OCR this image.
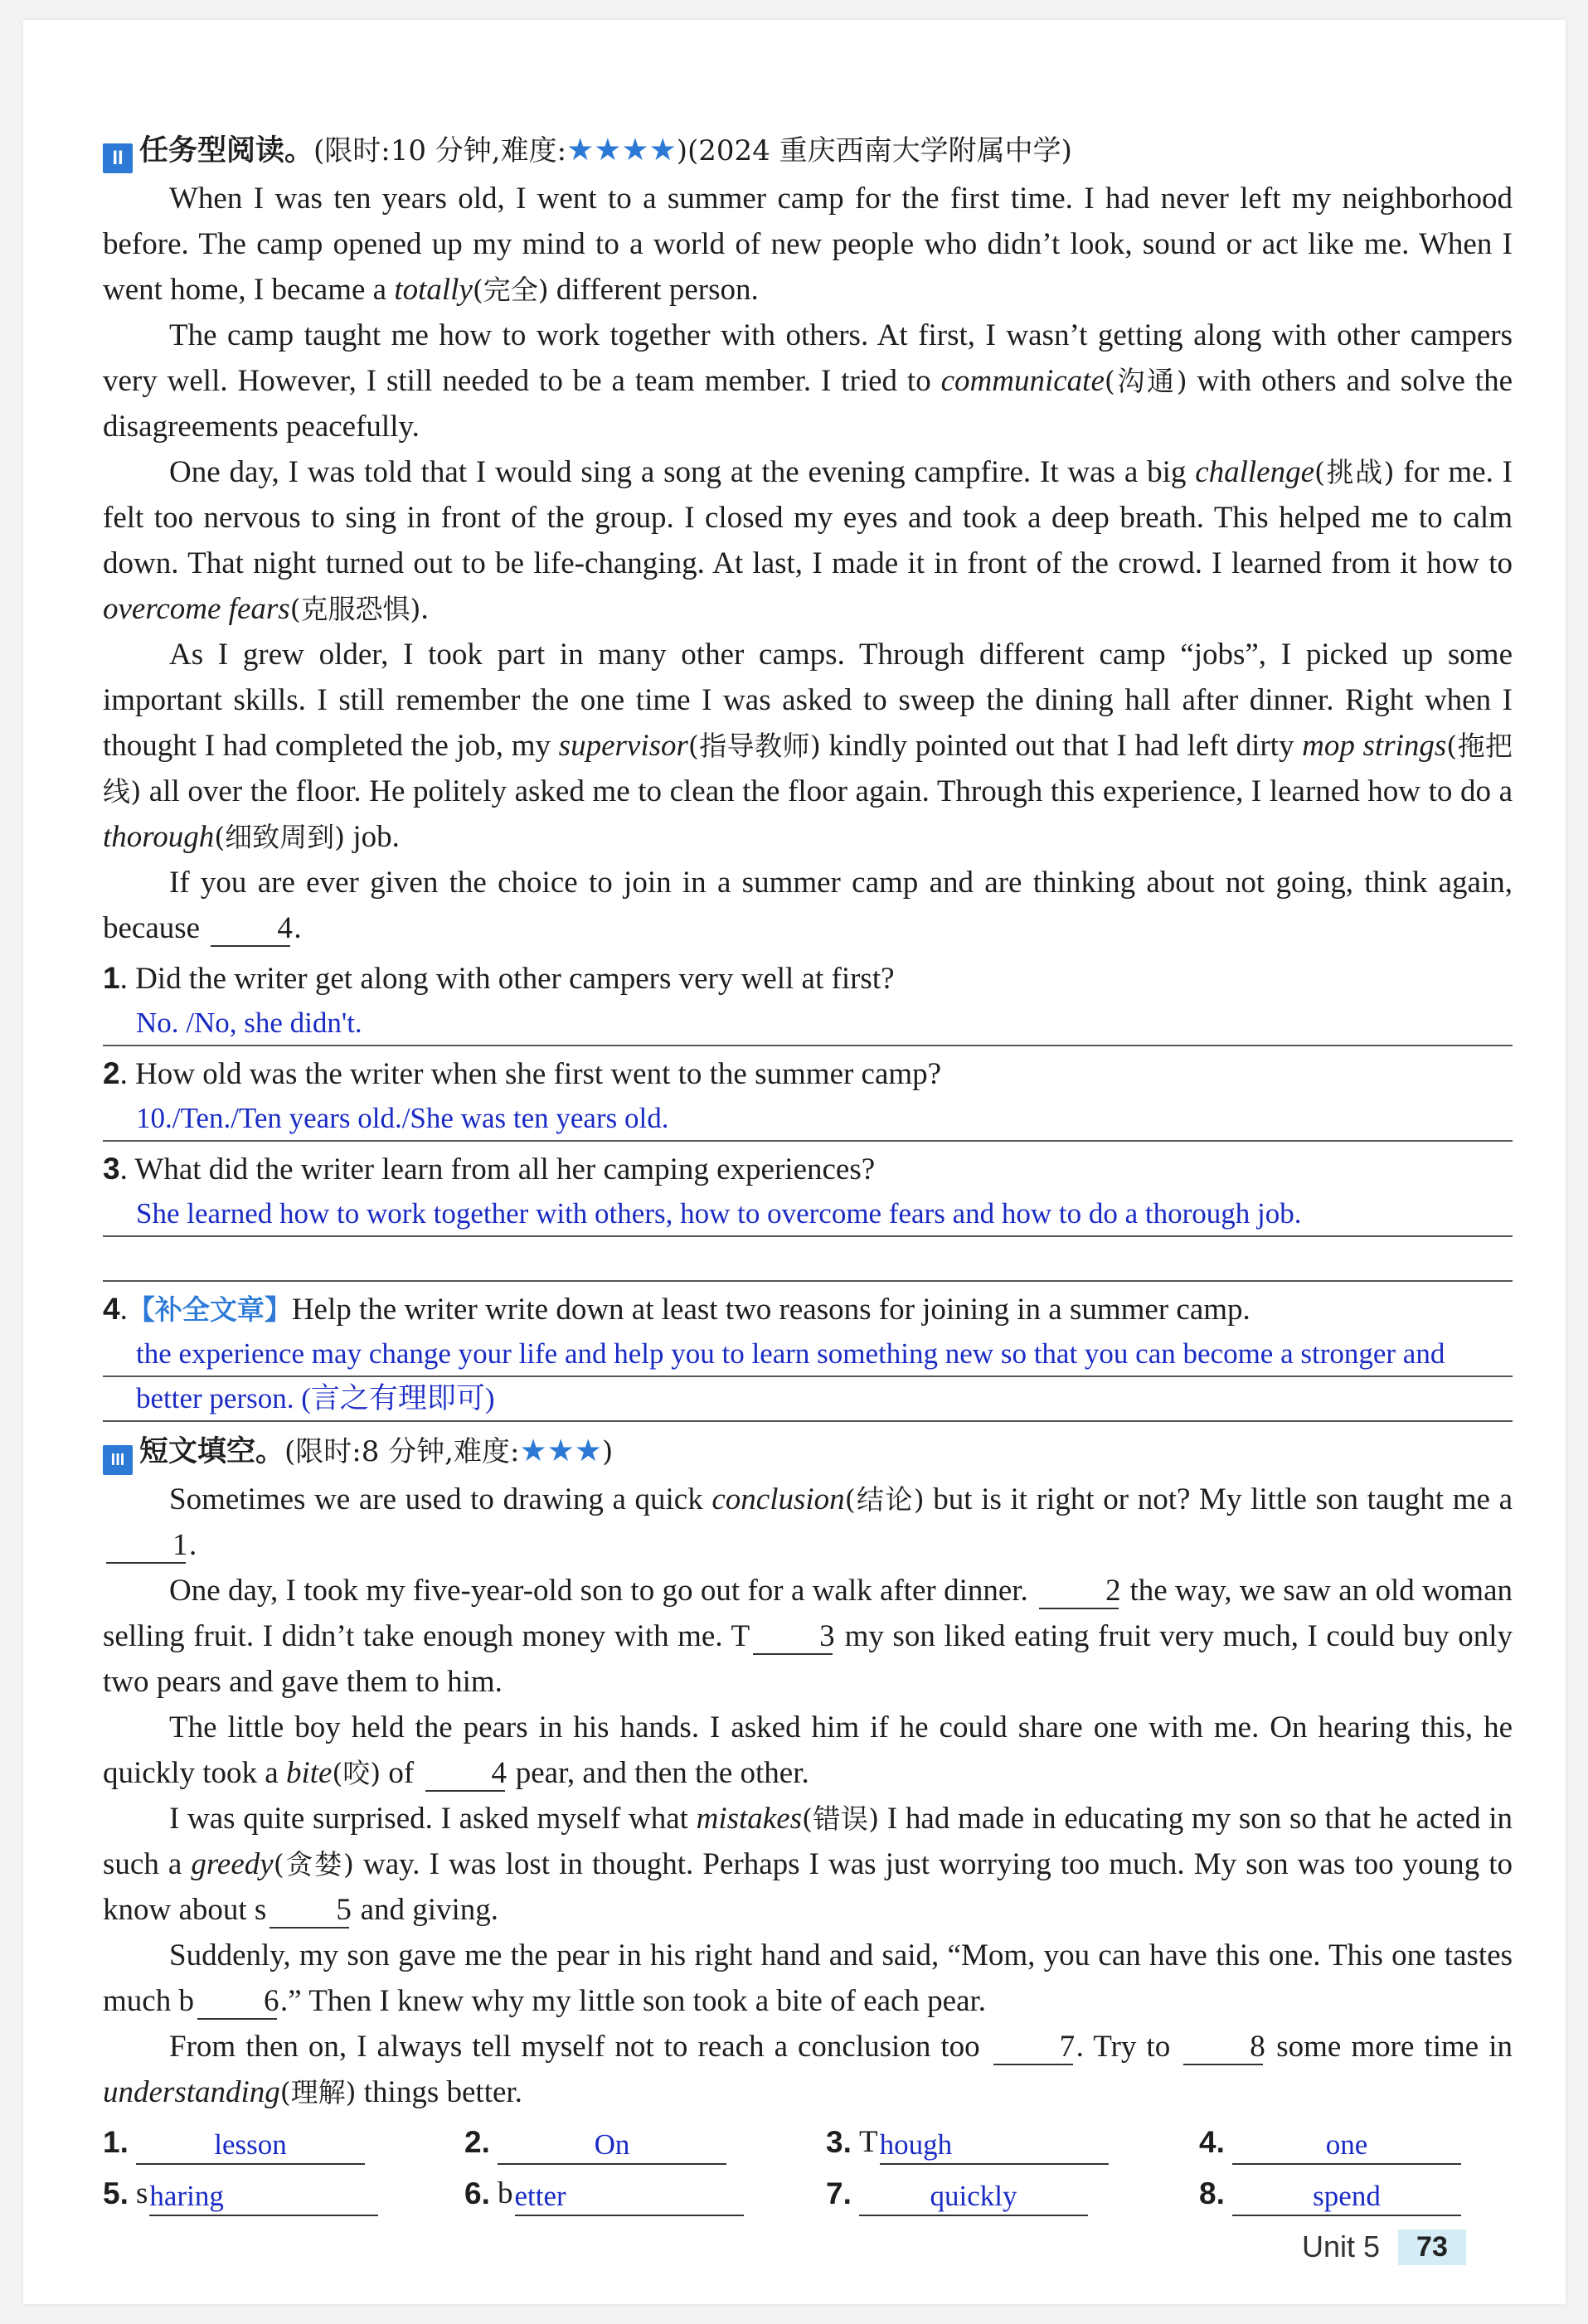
II 任务型阅读。(限时:10 分钟,难度:★★★★)(2024 重庆西南大学附属中学)

When I was ten years old, I went to a summer camp for the first time. I had never left my neighborhood before. The camp opened up my mind to a world of new people who didn’t look, sound or act like me. When I went home, I became a totally(完全) different person.

The camp taught me how to work together with others. At first, I wasn’t getting along with other campers very well. However, I still needed to be a team member. I tried to communicate(沟通) with others and solve the disagreements peacefully.

One day, I was told that I would sing a song at the evening campfire. It was a big challenge(挑战) for me. I felt too nervous to sing in front of the group. I closed my eyes and took a deep breath. This helped me to calm down. That night turned out to be life-changing. At last, I made it in front of the crowd. I learned from it how to overcome fears(克服恐惧).

As I grew older, I took part in many other camps. Through different camp “jobs”, I picked up some important skills. I still remember the one time I was asked to sweep the dining hall after dinner. Right when I thought I had completed the job, my supervisor(指导教师) kindly pointed out that I had left dirty mop strings(拖把线) all over the floor. He politely asked me to clean the floor again. Through this experience, I learned how to do a thorough(细致周到) job.

If you are ever given the choice to join in a summer camp and are thinking about not going, think again, because 4.

1. Did the writer get along with other campers very well at first?

No. /No, she didn't.

2. How old was the writer when she first went to the summer camp?

10./Ten./Ten years old./She was ten years old.

3. What did the writer learn from all her camping experiences?

She learned how to work together with others, how to overcome fears and how to do a thorough job.

4.【补全文章】Help the writer write down at least two reasons for joining in a summer camp.

the experience may change your life and help you to learn something new so that you can become a stronger and
better person. (言之有理即可)
III 短文填空。(限时:8 分钟,难度:★★★)

Sometimes we are used to drawing a quick conclusion(结论) but is it right or not? My little son taught me a 1.

One day, I took my five-year-old son to go out for a walk after dinner. 2 the way, we saw an old woman selling fruit. I didn’t take enough money with me. T 3 my son liked eating fruit very much, I could buy only two pears and gave them to him.

The little boy held the pears in his hands. I asked him if he could share one with me. On hearing this, he quickly took a bite(咬) of 4 pear, and then the other.

I was quite surprised. I asked myself what mistakes(错误) I had made in educating my son so that he acted in such a greedy(贪婪) way. I was lost in thought. Perhaps I was just worrying too much. My son was too young to know about s 5 and giving.

Suddenly, my son gave me the pear in his right hand and said, “Mom, you can have this one. This one tastes much b 6.” Then I knew why my little son took a bite of each pear.

From then on, I always tell myself not to reach a conclusion too 7. Try to 8 some more time in understanding(理解) things better.

1.	lesson	2.	On	3. T hough	4.	one
5. s haring	6. b etter	7.	quickly	8.	spend
Unit 5	73
